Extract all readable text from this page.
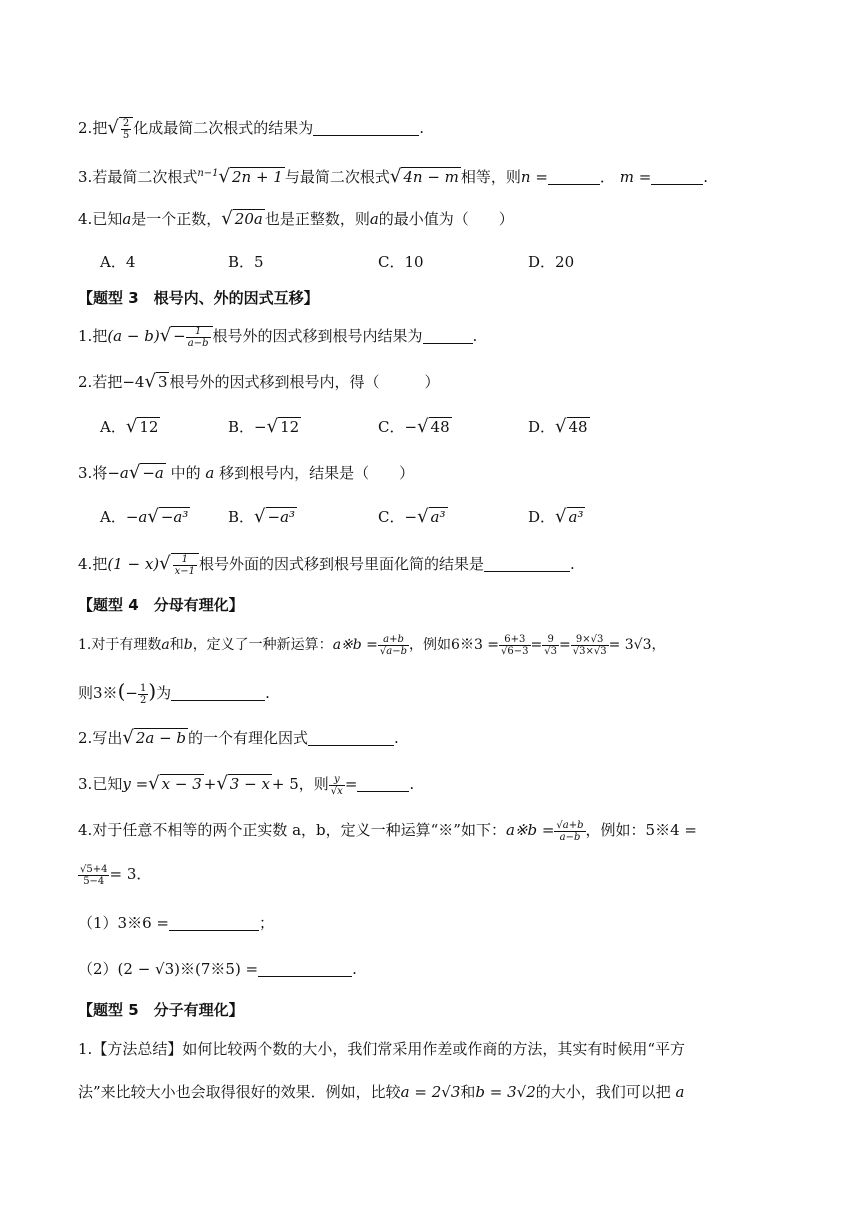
2.把√ $\frac{2}{5}$ 化成最简二次根式的结果为	.
3.若最简二次根式$^{n-1}$√ 2n + 1 与最简二次根式√ 4n − m 相等，则n =	． m =	.
4.已知a是一个正数，√ 20a 也是正整数，则a的最小值为（　　）
A．4	B．5	C．10	D．20
【题型 3　根号内、外的因式互移】
1.把$(a - b)√ - \frac{1}{a-b}$ 根号外的因式移到根号内结果为	.
2.若把−4√ 3 根号外的因式移到根号内，得（　　　）
A．√ 12	B．−√ 12	C．−√ 48	D．√ 48
3.将−a√ −a 中的 a 移到根号内，结果是（　　）
A．−a√ −a³	B．√ −a³	C．−√ a³	D．√ a³
4.把$(1 - x)√ \frac{1}{x-1}$ 根号外面的因式移到根号里面化简的结果是	.
【题型 4　分母有理化】
1.对于有理数a和b，定义了一种新运算：a※b = $\frac{a+b}{√a-b}$ ，例如6※3 = $\frac{6+3}{√6-3} = \frac{9}{√3} = \frac{9\times√3}{√3\times√3} = 3√3$，
则3※(− $\frac{1}{2}$ )为	.
2.写出√ 2a − b 的一个有理化因式	.
3.已知y =√ x − 3 +√ 3 − x + 5，则 $\frac{y}{√x}$ =	.
4.对于任意不相等的两个正实数 a，b，定义一种运算“※”如下：a※b = $\frac{√a+b}{a-b}$ ，例如：5※4 =
$\frac{√5+4}{5-4} = 3$．
（1）3※6 =	；
（2）(2 − √3)※(7※5) =	.
【题型 5　分子有理化】
1.【方法总结】如何比较两个数的大小，我们常采用作差或作商的方法，其实有时候用“平方
法”来比较大小也会取得很好的效果．例如，比较a = 2√3和b = 3√2的大小，我们可以把 a
